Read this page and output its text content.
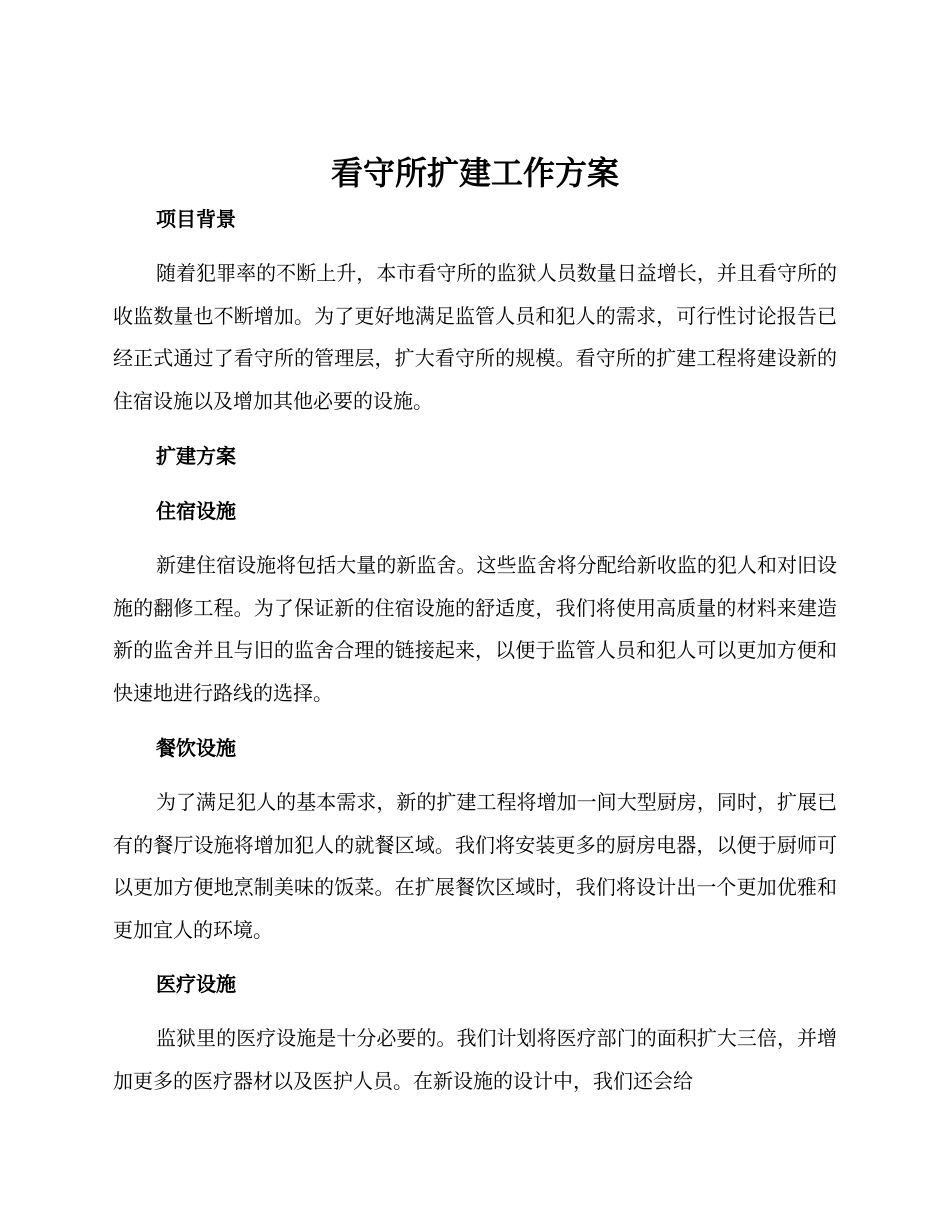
看守所扩建工作方案
项目背景

随着犯罪率的不断上升，本市看守所的监狱人员数量日益增长，并且看守所的收监数量也不断增加。为了更好地满足监管人员和犯人的需求，可行性讨论报告已经正式通过了看守所的管理层，扩大看守所的规模。看守所的扩建工程将建设新的住宿设施以及增加其他必要的设施。

扩建方案
住宿设施

新建住宿设施将包括大量的新监舍。这些监舍将分配给新收监的犯人和对旧设施的翻修工程。为了保证新的住宿设施的舒适度，我们将使用高质量的材料来建造新的监舍并且与旧的监舍合理的链接起来，以便于监管人员和犯人可以更加方便和快速地进行路线的选择。

餐饮设施

为了满足犯人的基本需求，新的扩建工程将增加一间大型厨房，同时，扩展已有的餐厅设施将增加犯人的就餐区域。我们将安装更多的厨房电器，以便于厨师可以更加方便地烹制美味的饭菜。在扩展餐饮区域时，我们将设计出一个更加优雅和更加宜人的环境。

医疗设施

监狱里的医疗设施是十分必要的。我们计划将医疗部门的面积扩大三倍，并增加更多的医疗器材以及医护人员。在新设施的设计中，我们还会给
